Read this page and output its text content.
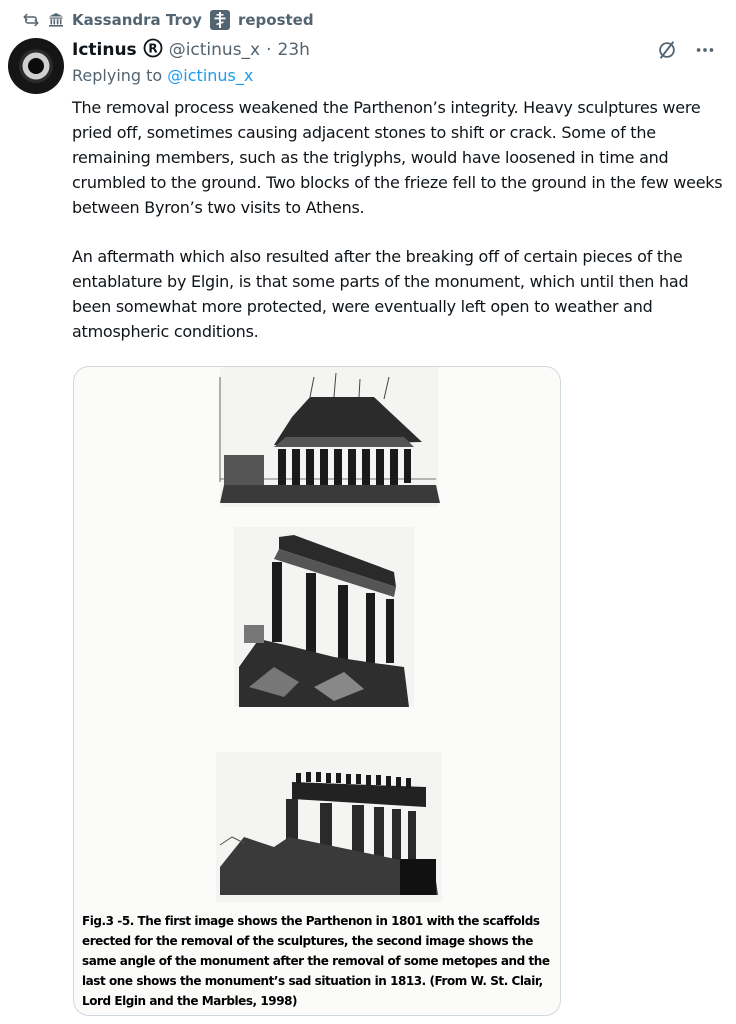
Kassandra Troy reposted
Ictinus R @ictinus_x · 23h
Replying to @ictinus_x

The removal process weakened the Parthenon’s integrity. Heavy sculptures were pried off, sometimes causing adjacent stones to shift or crack. Some of the remaining members, such as the triglyphs, would have loosened in time and crumbled to the ground. Two blocks of the frieze fell to the ground in the few weeks between Byron’s two visits to Athens.

An aftermath which also resulted after the breaking off of certain pieces of the entablature by Elgin, is that some parts of the monument, which until then had been somewhat more protected, were eventually left open to weather and atmospheric conditions.

Fig.3 -5. The first image shows the Parthenon in 1801 with the scaffolds erected for the removal of the sculptures, the second image shows the same angle of the monument after the removal of some metopes and the last one shows the monument’s sad situation in 1813. (From W. St. Clair, Lord Elgin and the Marbles, 1998)
